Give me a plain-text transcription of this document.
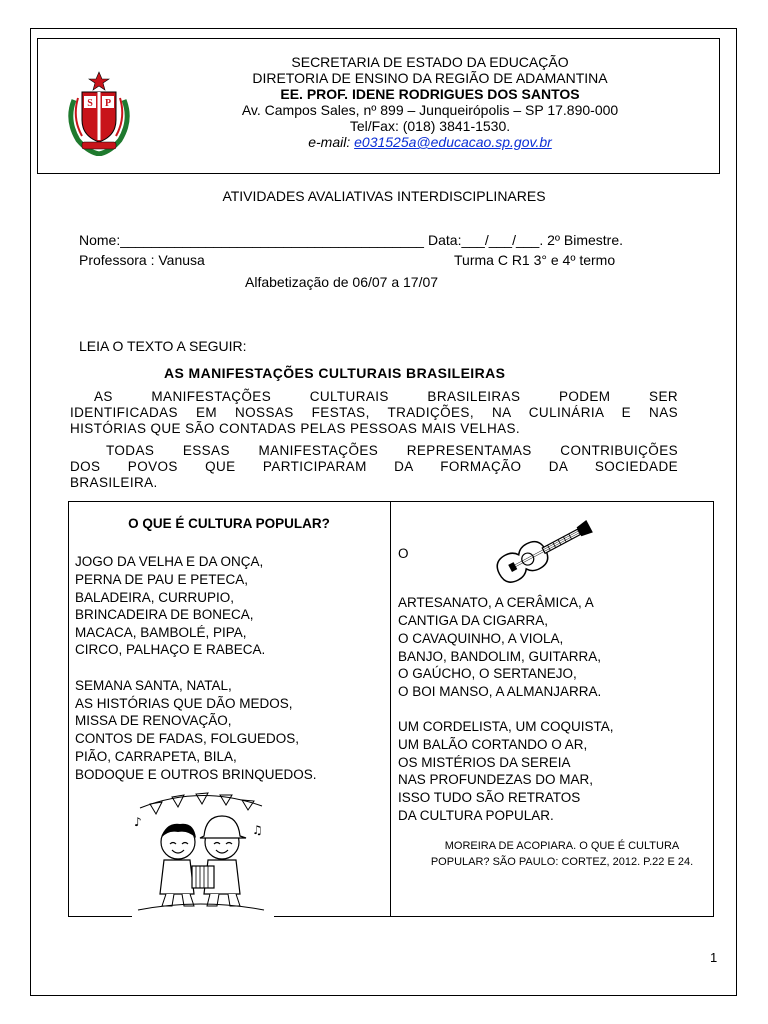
S P
SECRETARIA DE ESTADO DA EDUCAÇÃO
DIRETORIA DE ENSINO DA REGIÃO DE ADAMANTINA
EE. PROF. IDENE RODRIGUES DOS SANTOS
Av. Campos Sales, nº 899 – Junqueirópolis – SP 17.890-000
Tel/Fax: (018) 3841-1530.
e-mail: e031525a@educacao.sp.gov.br
ATIVIDADES AVALIATIVAS INTERDISCIPLINARES
Nome:_______________________________________ Data:___/___/___. 2º Bimestre.
Professora : Vanusa	Turma C R1 3° e 4º termo
Alfabetização de 06/07 a 17/07
LEIA O TEXTO A SEGUIR:
AS MANIFESTAÇÕES CULTURAIS BRASILEIRAS
AS MANIFESTAÇÕES CULTURAIS BRASILEIRAS PODEM SER
IDENTIFICADAS EM NOSSAS FESTAS, TRADIÇÕES, NA CULINÁRIA E NAS
HISTÓRIAS QUE SÃO CONTADAS PELAS PESSOAS MAIS VELHAS.
TODAS ESSAS MANIFESTAÇÕES REPRESENTAMAS CONTRIBUIÇÕES
DOS POVOS QUE PARTICIPARAM DA FORMAÇÃO DA SOCIEDADE
BRASILEIRA.
O QUE É CULTURA POPULAR?
JOGO DA VELHA E DA ONÇA,
PERNA DE PAU E PETECA,
BALADEIRA, CURRUPIO,
BRINCADEIRA DE BONECA,
MACACA, BAMBOLÉ, PIPA,
CIRCO, PALHAÇO E RABECA.
SEMANA SANTA, NATAL,
AS HISTÓRIAS QUE DÃO MEDOS,
MISSA DE RENOVAÇÃO,
CONTOS DE FADAS, FOLGUEDOS,
PIÃO, CARRAPETA, BILA,
BODOQUE E OUTROS BRINQUEDOS.
♪
♫
O
ARTESANATO, A CERÂMICA, A
CANTIGA DA CIGARRA,
O CAVAQUINHO, A VIOLA,
BANJO, BANDOLIM, GUITARRA,
O GAÚCHO, O SERTANEJO,
O BOI MANSO, A ALMANJARRA.
UM CORDELISTA, UM COQUISTA,
UM BALÃO CORTANDO O AR,
OS MISTÉRIOS DA SEREIA
NAS PROFUNDEZAS DO MAR,
ISSO TUDO SÃO RETRATOS
DA CULTURA POPULAR.
MOREIRA DE ACOPIARA. O QUE É CULTURA
POPULAR? SÃO PAULO: CORTEZ, 2012. P.22 E 24.
1
